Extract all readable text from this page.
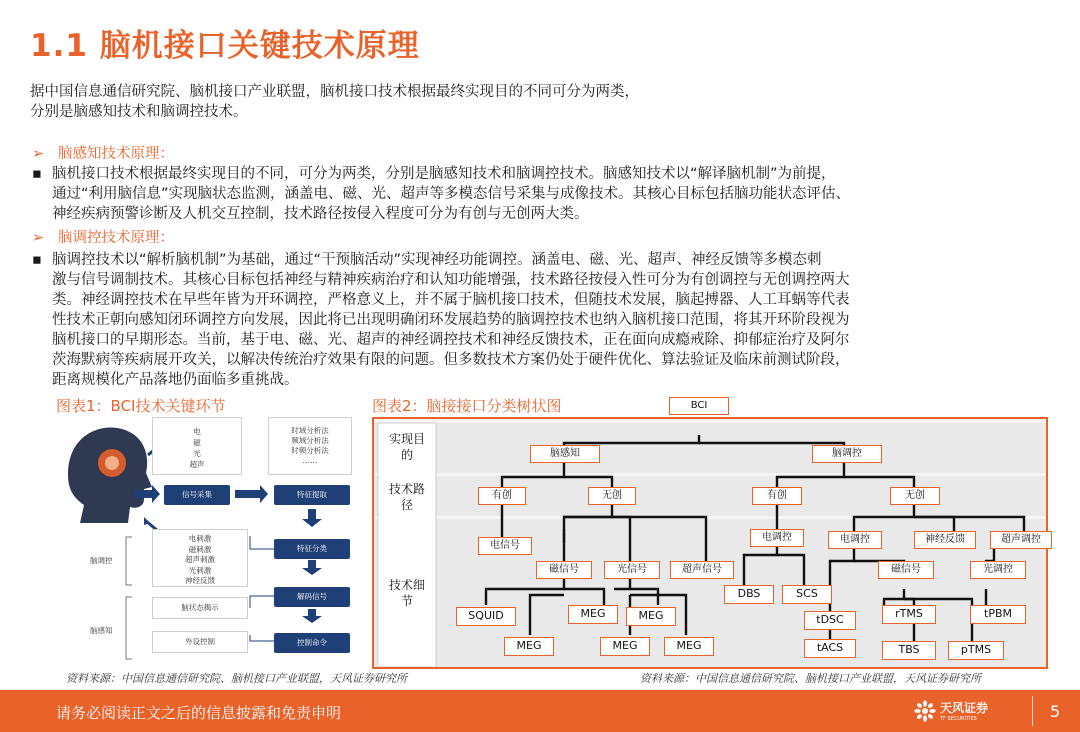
1.1 脑机接口关键技术原理
据中国信息通信研究院、脑机接口产业联盟，脑机接口技术根据最终实现目的不同可分为两类，
分别是脑感知技术和脑调控技术。
➢ 脑感知技术原理：
▪ 脑机接口技术根据最终实现目的不同，可分为两类，分别是脑感知技术和脑调控技术。脑感知技术以“解译脑机制”为前提，
通过“利用脑信息”实现脑状态监测，涵盖电、磁、光、超声等多模态信号采集与成像技术。其核心目标包括脑功能状态评估、
神经疾病预警诊断及人机交互控制，技术路径按侵入程度可分为有创与无创两大类。
➢ 脑调控技术原理：
▪ 脑调控技术以“解析脑机制”为基础，通过“干预脑活动”实现神经功能调控。涵盖电、磁、光、超声、神经反馈等多模态刺
激与信号调制技术。其核心目标包括神经与精神疾病治疗和认知功能增强，技术路径按侵入性可分为有创调控与无创调控两大
类。神经调控技术在早些年皆为开环调控，严格意义上，并不属于脑机接口技术，但随技术发展，脑起搏器、人工耳蜗等代表
性技术正朝向感知闭环调控方向发展，因此将已出现明确闭环发展趋势的脑调控技术也纳入脑机接口范围，将其开环阶段视为
脑机接口的早期形态。当前，基于电、磁、光、超声的神经调控技术和神经反馈技术，正在面向成瘾戒除、抑郁症治疗及阿尔
茨海默病等疾病展开攻关，以解决传统治疗效果有限的问题。但多数技术方案仍处于硬件优化、算法验证及临床前测试阶段，
距离规模化产品落地仍面临多重挑战。
图表1：BCI技术关键环节	图表2：脑接接口分类树状图
电
磁
光
超声
时域分析法
频域分析法
时频分析法
……
信号采集	特征提取
电刺激
磁刺激
超声刺激
光刺激
神经反馈
特征分类
脑状态揭示
解码信号
外设控制	控制命令
脑调控
脑感知
实现目的
技术路径
技术细节
BCI
脑感知	脑调控
有创	无创	有创	无创
电信号
磁信号	光信号	超声信号
电调控	电调控	神经反馈	超声调控
磁信号	光调控
SQUID	MEG	MEG
MEG	MEG	MEG
DBS	SCS
tDSC
tACS
rTMS
TBS	pTMS
tPBM
资料来源：中国信息通信研究院、脑机接口产业联盟，天风证券研究所	资料来源：中国信息通信研究院、脑机接口产业联盟，天风证券研究所
请务必阅读正文之后的信息披露和免责申明	天风证券
TF SECURITIES	5
